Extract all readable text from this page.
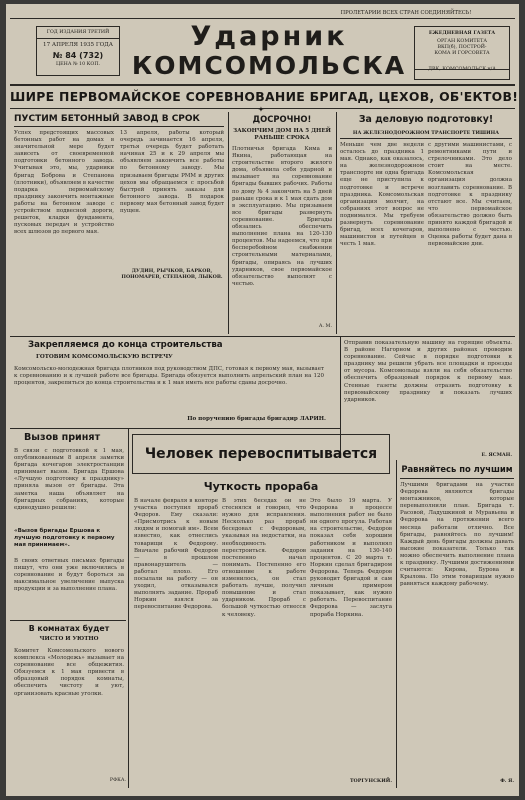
ПРОЛЕТАРИИ ВСЕХ СТРАН СОЕДИНЯЙТЕСЬ!
ГОД ИЗДАНИЯ ТРЕТИЙ
17 АПРЕЛЯ 1935 ГОДА
№ 84 (732)
ЦЕНА № 10 КОП.
Ударник
КОМСОМОЛЬСКА
ЕЖЕДНЕВНАЯ ГАЗЕТА
ОРГАН КОМИТЕТА
ВКП(б), ПОСТРОЙ-
КОМА И ГОРСОВЕТА
ШИРЕ ПЕРВОМАЙСКОЕ СОРЕВНОВАНИЕ БРИГАД, ЦЕХОВ, ОБ'ЕКТОВ!
✦
ПУСТИМ БЕТОННЫЙ ЗАВОД В СРОК
Успех предстоящих массовых бетонных работ на домах в значительной мере будет зависеть от своевременной подготовки бетонного завода. Учитывая это, мы, ударники бригад Боброва и Степанова (плотники), объявляем в качестве подарка первомайскому празднику закончить монтажные работы на бетонном заводе с устройством подвесной дороги, решеток, кладки фундамента, пусковых передач и устройство всех шлюзов до первого мая.
13 апреля, работы который очередь зачинается 16 апреля, третья очередь будет работать начиная 25 и к 29 апреля мы объявляем закончить все работы по бетонному заводу. Мы призываем бригады РММ и других цехов мы обращаемся с просьбой быстрей принять заказы для бетонного завода. В подарок первому мая бетонный завод будет пущен.
ДУДИН, РЫЧКОВ, БАРКОВ, ПОНОМАРЕВ, СТЕПАНОВ, ЛЫКОВ.
ДОСРОЧНО!
ЗАКОНЧИМ ДОМ НА 5 ДНЕЙ РАНЬШЕ СРОКА
Плотничья бригада Кима и Якина, работающая на строительстве второго жилого дома, объявила себя ударной и вызывает на соревнование бригады бывших рабочих. Работы по дому № 4 закончить на 5 дней раньше срока и к 1 мая сдать дом в эксплуатацию. Мы призываем все бригады развернуть соревнование. Бригады обязались обеспечить выполнение плана на 120-130 процентов. Мы надеемся, что при бесперебойном снабжении строительными материалами, бригады, опираясь на лучших ударников, свое первомайское обязательство выполнят с честью.
А. М.
За деловую подготовку!
НА ЖЕЛЕЗНОДОРОЖНОМ ТРАНСПОРТЕ ТИШИНА
Меньше чем две недели осталось до праздника 1 мая. Однако, как оказалось, на железнодорожном транспорте ни одна бригада еще не приступила к подготовке и встрече праздника. Комсомольская организация молчит, на собраниях этот вопрос не поднимался. Мы требуем развернуть соревнование бригад, всех кочегаров, машинистов и путейцев в честь 1 мая.
с другими машинистами, с ремонтниками пути и стрелочниками. Это дело стоит на месте. Комсомольская организация должна возглавить соревнование. В подготовке к празднику отстают все. Мы считаем, что первомайское обязательство должно быть принято каждой бригадой и выполнено с честью. Оценка работы будет дана в первомайские дни.
Закрепляемся до конца строительства
ГОТОВИМ КОМСОМОЛЬСКУЮ ВСТРЕЧУ
Комсомольско-молодежная бригада плотников под руководством ДПС, готовая к первому мая, вызывает к соревнованию и к лучшей работе все бригады. Бригада обязуется выполнить апрельский план на 120 процентов, закрепиться до конца строительства и к 1 мая иметь все работы сданы досрочно.
По поручению бригады бригадир ЛАРИН.
Отправив показательную машину на горящие объекты. В районе Нагорном и других районах проводим соревнование. Сейчас в порядке подготовки к празднику мы решили убрать все площадки и проезды от мусора. Комсомольцы взяли на себя обязательство обеспечить образцовый порядок к первому мая. Стенные газеты должны отразить подготовку к первомайскому празднику и показать лучших ударников.
Е. ЯСМАН.
Вызов принят
В связи с подготовкой к 1 мая, опубликованным 8 апреля заметки бригада кочегаров электростанции принимает вызов. Бригада Ершова «Лучшую подготовку к празднику» приняла вызов от бригады. Эта заметка наша объявляет на бригадных собраниях, которые единодушно решили:
«Вызов бригады Ершова к лучшую подготовку к первому мая принимаем».
В своих ответных письмах бригады пишут, что они уже включились в соревнование и будут бороться за максимальное увеличение выпуска продукции и за выполнение плана.
В комнатах будет
ЧИСТО И УЮТНО
Комитет Комсомольского нового комплекса «Молодежь» вызывает на соревнование все общежития. Обязуемся к 1 мая привести в образцовый порядок комнаты, обеспечить чистоту и уют, организовать красные уголки.
РФКА.
Человек перевоспитывается
Чуткость прораба
В начале февраля в конторе участка поступил прораб Федоров. Ему сказали: «Присмотрись к новым людям и помогай им». Всем известно, как отнеслись товарищи к Федорову. Вначале рабочий Федоров — в прошлом правонарушитель — работал плохо. Его посылали на работу — он уходил, отказывался выполнять задание. Прораб Норкин взялся за перевоспитание Федорова.
В этих беседах он не стеснялся и говорил, что нужно для исправления. Несколько раз прораб беседовал с Федоровым, указывая на недостатки, на необходимость перестроиться. Федоров постепенно начал понимать. Постепенно его отношение к работе изменилось, он стал работать лучше, получил повышение и стал ударником. Прораб с большой чуткостью отнесся к человеку.
Это было 19 марта. У Федорова в процессе выполнения работ не было ни одного прогула. Работая на строительстве, Федоров показал себя хорошим работником и выполнял задания на 130-140 процентов. С 20 марта т. Норкин сделал бригадиром Федорова. Теперь Федоров руководит бригадой и сам личным примером показывает, как нужно работать. Перевоспитание Федорова — заслуга прораба Норкина.
ТОРГУНСКИЙ.
Равняйтесь по лучшим
Лучшими бригадами на участке Федорова являются бригады монтажников, которые перевыполнили план. Бригада т. Расовой, Ладушкиной и Муравьева и Федорова на протяжении всего месяца работали отлично. Все бригады, равняйтесь по лучшим! Каждый день бригады должны давать высокие показатели. Только так можно обеспечить выполнение плана к празднику. Лучшими достижениями считаются: Кирова, Бурова и Крылова. По этим товарищам нужно равняться каждому рабочему.
Ф. Я.
